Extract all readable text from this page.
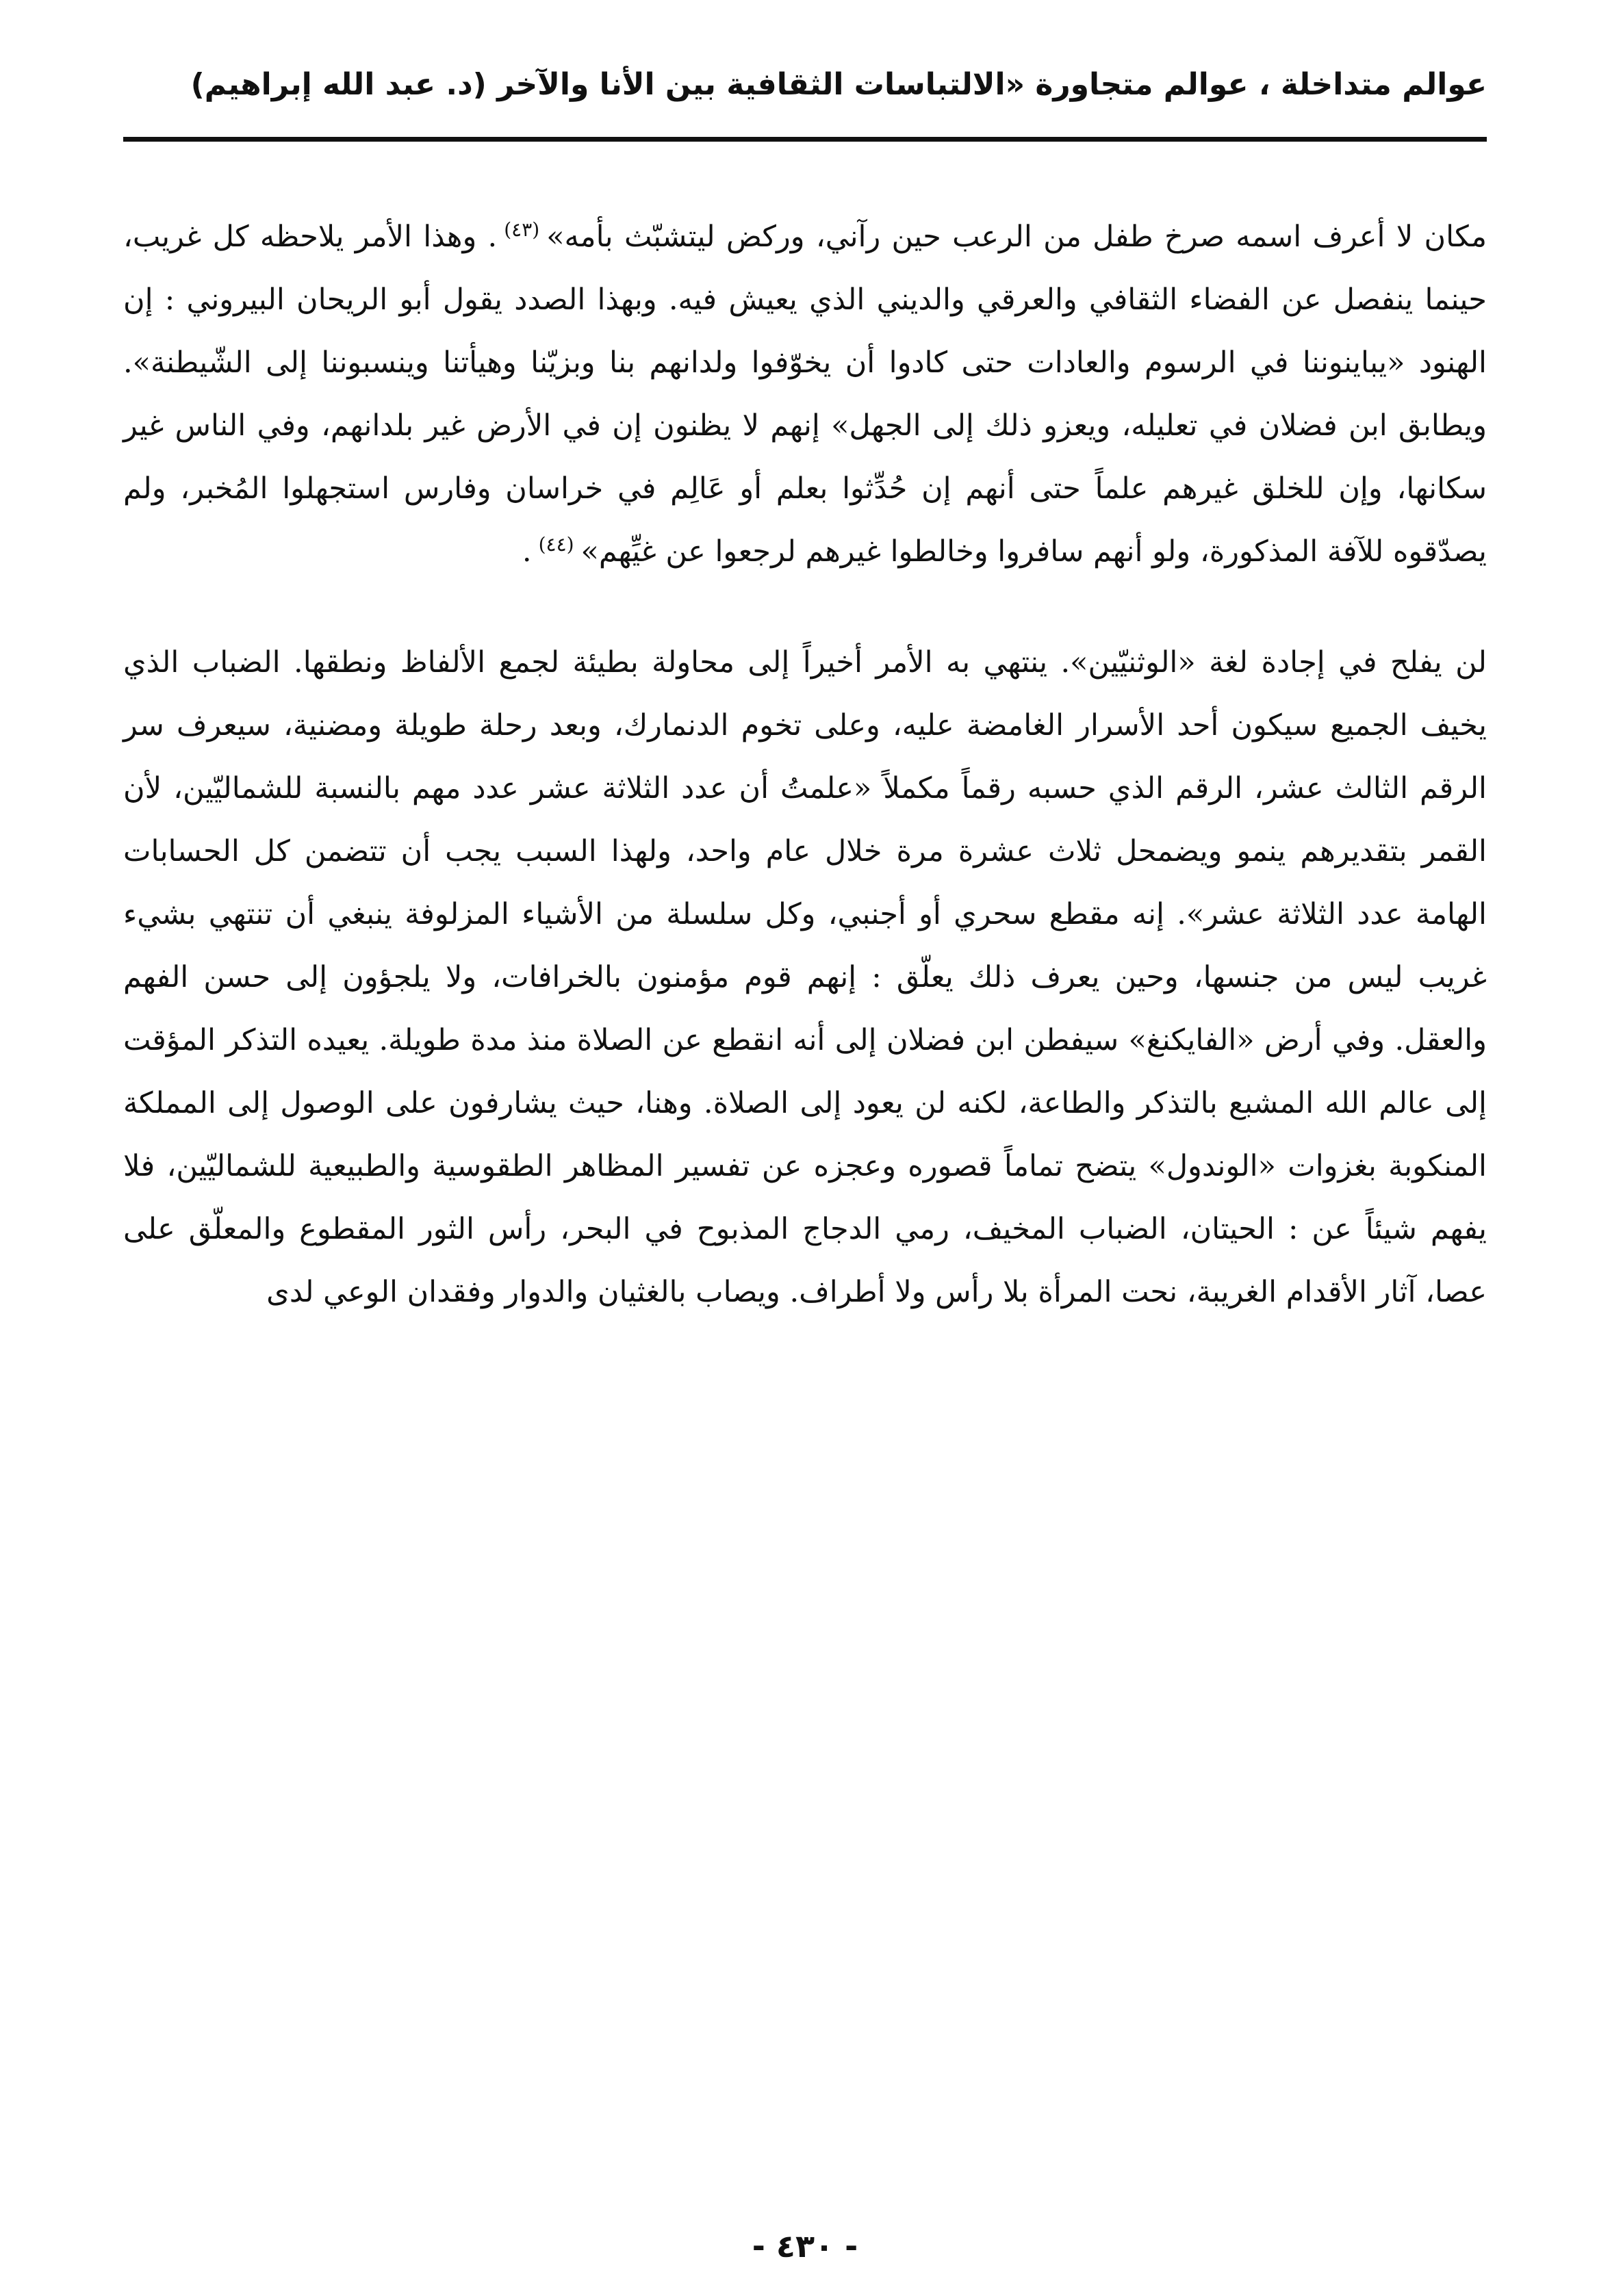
عوالم متداخلة ، عوالم متجاورة «الالتباسات الثقافية بين الأنا والآخر (د. عبد الله إبراهيم)

مكان لا أعرف اسمه صرخ طفل من الرعب حين رآني، وركض ليتشبّث بأمه»$^{(٤٣)}$. وهذا الأمر يلاحظه كل غريب، حينما ينفصل عن الفضاء الثقافي والعرقي والديني الذي يعيش فيه. وبهذا الصدد يقول أبو الريحان البيروني : إن الهنود «يباينوننا في الرسوم والعادات حتى كادوا أن يخوّفوا ولدانهم بنا وبزيّنا وهيأتنا وينسبوننا إلى الشّيطنة». ويطابق ابن فضلان في تعليله، ويعزو ذلك إلى الجهل» إنهم لا يظنون إن في الأرض غير بلدانهم، وفي الناس غير سكانها، وإن للخلق غيرهم علماً حتى أنهم إن حُدِّثوا بعلم أو عَالِم في خراسان وفارس استجهلوا المُخبر، ولم يصدّقوه للآفة المذكورة، ولو أنهم سافروا وخالطوا غيرهم لرجعوا عن غيِّهم»$^{(٤٤)}$.

لن يفلح في إجادة لغة «الوثنيّين». ينتهي به الأمر أخيراً إلى محاولة بطيئة لجمع الألفاظ ونطقها. الضباب الذي يخيف الجميع سيكون أحد الأسرار الغامضة عليه، وعلى تخوم الدنمارك، وبعد رحلة طويلة ومضنية، سيعرف سر الرقم الثالث عشر، الرقم الذي حسبه رقماً مكملاً «علمتُ أن عدد الثلاثة عشر عدد مهم بالنسبة للشماليّين، لأن القمر بتقديرهم ينمو ويضمحل ثلاث عشرة مرة خلال عام واحد، ولهذا السبب يجب أن تتضمن كل الحسابات الهامة عدد الثلاثة عشر». إنه مقطع سحري أو أجنبي، وكل سلسلة من الأشياء المزلوفة ينبغي أن تنتهي بشيء غريب ليس من جنسها، وحين يعرف ذلك يعلّق : إنهم قوم مؤمنون بالخرافات، ولا يلجؤون إلى حسن الفهم والعقل. وفي أرض «الفايكنغ» سيفطن ابن فضلان إلى أنه انقطع عن الصلاة منذ مدة طويلة. يعيده التذكر المؤقت إلى عالم الله المشبع بالتذكر والطاعة، لكنه لن يعود إلى الصلاة. وهنا، حيث يشارفون على الوصول إلى المملكة المنكوبة بغزوات «الوندول» يتضح تماماً قصوره وعجزه عن تفسير المظاهر الطقوسية والطبيعية للشماليّين، فلا يفهم شيئاً عن : الحيتان، الضباب المخيف، رمي الدجاج المذبوح في البحر، رأس الثور المقطوع والمعلّق على عصا، آثار الأقدام الغريبة، نحت المرأة بلا رأس ولا أطراف. ويصاب بالغثيان والدوار وفقدان الوعي لدى

- ٤٣٠ -
